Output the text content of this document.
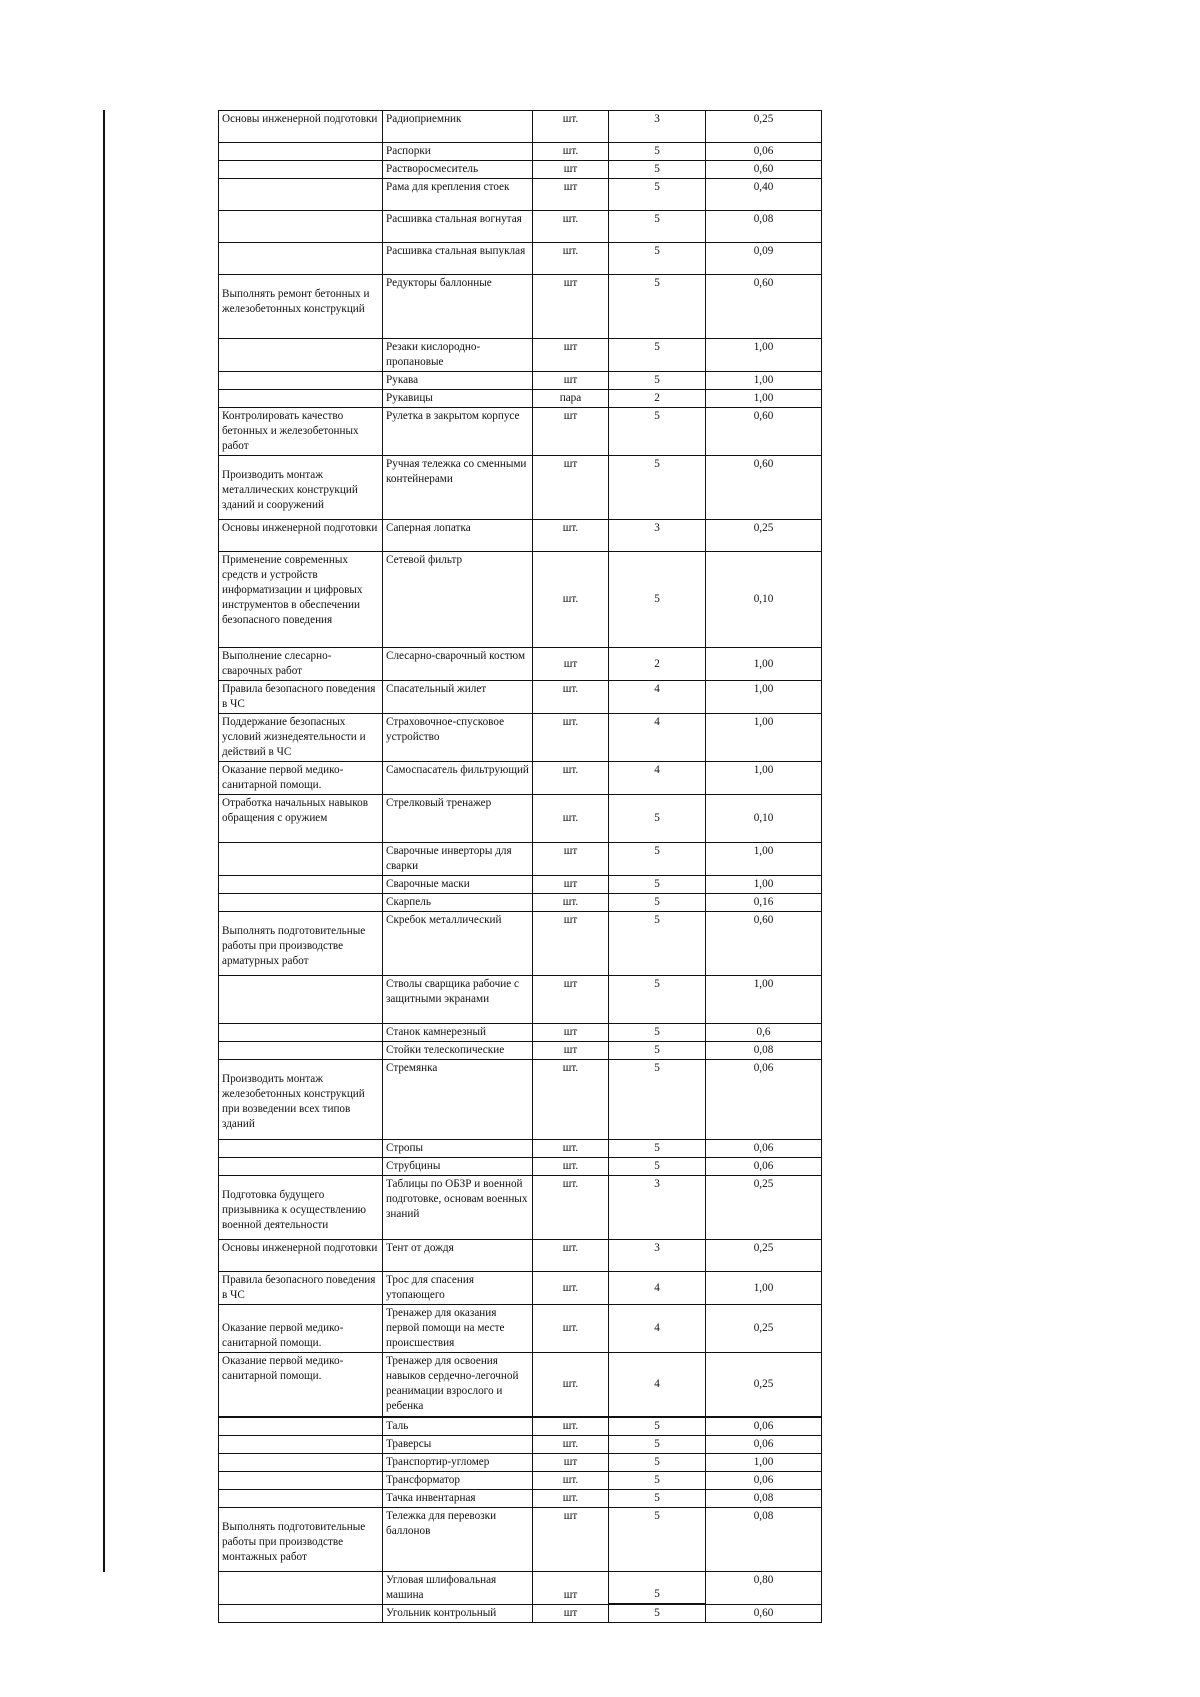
Основы инженерной подготовки	Радиоприемник	шт.	3	0,25
	Распорки	шт.	5	0,06
	Растворосмеситель	шт	5	0,60
	Рама для крепления стоек	шт	5	0,40
	Расшивка стальная вогнутая	шт.	5	0,08
	Расшивка стальная выпуклая	шт.	5	0,09
Выполнять ремонт бетонных и железобетонных конструкций	Редукторы баллонные	шт	5	0,60
	Резаки кислородно-пропановые	шт	5	1,00
	Рукава	шт	5	1,00
	Рукавицы	пара	2	1,00
Контролировать качество бетонных и железобетонных работ	Рулетка в закрытом корпусе	шт	5	0,60
Производить монтаж металлических конструкций зданий и сооружений	Ручная тележка со сменными контейнерами	шт	5	0,60
Основы инженерной подготовки	Саперная лопатка	шт.	3	0,25
Применение современных средств и устройств информатизации и цифровых инструментов в обеспечении безопасного поведения	Сетевой фильтр	шт.	5	0,10
Выполнение слесарно-сварочных работ	Слесарно-сварочный костюм	шт	2	1,00
Правила безопасного поведения в ЧС	Спасательный жилет	шт.	4	1,00
Поддержание безопасных условий жизнедеятельности и действий в ЧС	Страховочное-спусковое устройство	шт.	4	1,00
Оказание первой медико-санитарной помощи.	Самоспасатель фильтрующий	шт.	4	1,00
Отработка начальных навыков обращения с оружием	Стрелковый тренажер	шт.	5	0,10
	Сварочные инверторы для сварки	шт	5	1,00
	Сварочные маски	шт	5	1,00
	Скарпель	шт.	5	0,16
Выполнять подготовительные работы при производстве арматурных работ	Скребок металлический	шт	5	0,60
	Стволы сварщика рабочие с защитными экранами	шт	5	1,00
	Станок камнерезный	шт	5	0,6
	Стойки телескопические	шт	5	0,08
Производить монтаж железобетонных конструкций при возведении всех типов зданий	Стремянка	шт.	5	0,06
	Стропы	шт.	5	0,06
	Струбцины	шт.	5	0,06
Подготовка будущего призывника к осуществлению военной деятельности	Таблицы по ОБЗР и военной подготовке, основам военных знаний	шт.	3	0,25
Основы инженерной подготовки	Тент от дождя	шт.	3	0,25
Правила безопасного поведения в ЧС	Трос для спасения утопающего	шт.	4	1,00
Оказание первой медико-санитарной помощи.	Тренажер для оказания первой помощи на месте происшествия	шт.	4	0,25
Оказание первой медико-санитарной помощи.	Тренажер для освоения навыков сердечно-легочной реанимации взрослого и ребенка	шт.	4	0,25
	Таль	шт.	5	0,06
	Траверсы	шт.	5	0,06
	Транспортир-угломер	шт	5	1,00
	Трансформатор	шт.	5	0,06
	Тачка инвентарная	шт.	5	0,08
Выполнять подготовительные работы при производстве монтажных работ	Тележка для перевозки баллонов	шт	5	0,08
	Угловая шлифовальная машина	шт	5	0,80
	Угольник контрольный	шт	5	0,60
